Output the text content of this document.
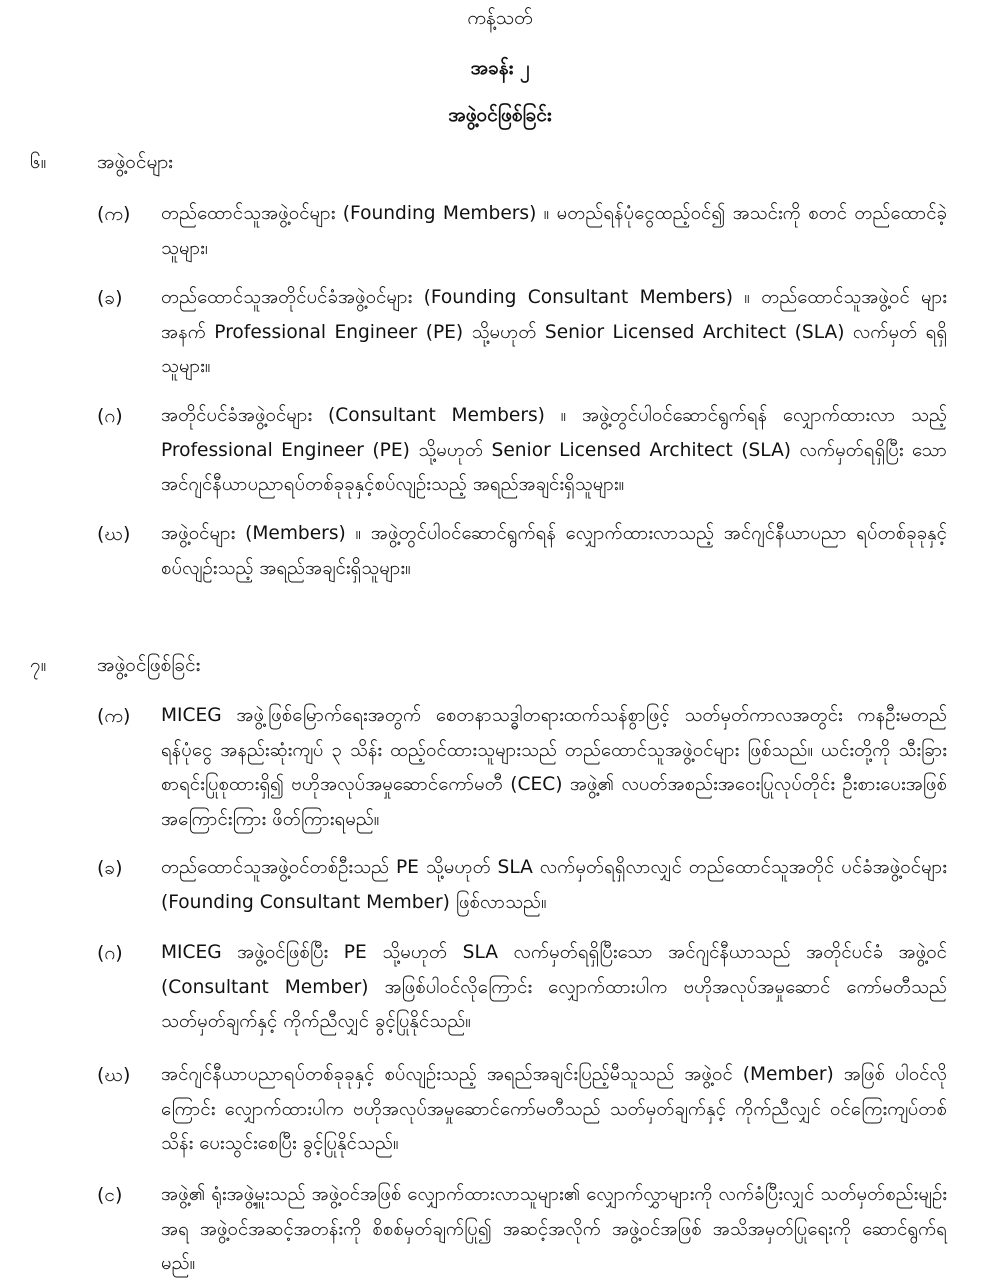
ကန့်သတ်
အခန်း ၂
အဖွဲ့ဝင်ဖြစ်ခြင်း
၆။	အဖွဲ့ဝင်များ
(က)	တည်ထောင်သူအဖွဲ့ဝင်များ (Founding Members) ။ မတည်ရန်ပုံငွေထည့်ဝင်၍ အသင်းကို စတင် တည်ထောင်ခဲ့သူများ၊
(ခ)	တည်ထောင်သူအတိုင်ပင်ခံအဖွဲ့ဝင်များ (Founding Consultant Members) ။ တည်ထောင်သူအဖွဲ့ဝင် များအနက် Professional Engineer (PE) သို့မဟုတ် Senior Licensed Architect (SLA) လက်မှတ် ရရှိသူများ။
(ဂ)	အတိုင်ပင်ခံအဖွဲ့ဝင်များ (Consultant Members) ။ အဖွဲ့တွင်ပါဝင်ဆောင်ရွက်ရန် လျှောက်ထားလာ သည့် Professional Engineer (PE) သို့မဟုတ် Senior Licensed Architect (SLA) လက်မှတ်ရရှိပြီး သော အင်ဂျင်နီယာပညာရပ်တစ်ခုခုနှင့်စပ်လျဉ်းသည့် အရည်အချင်းရှိသူများ။
(ဃ)	အဖွဲ့ဝင်များ (Members) ။ အဖွဲ့တွင်ပါဝင်ဆောင်ရွက်ရန် လျှောက်ထားလာသည့် အင်ဂျင်နီယာပညာ ရပ်တစ်ခုခုနှင့် စပ်လျဉ်းသည့် အရည်အချင်းရှိသူများ။
၇။	အဖွဲ့ဝင်ဖြစ်ခြင်း
(က)	MICEG အဖွဲ့ဖြစ်မြောက်ရေးအတွက် စေတနာသဒ္ဓါတရားထက်သန်စွာဖြင့် သတ်မှတ်ကာလအတွင်း ကနဦးမတည်ရန်ပုံငွေ အနည်းဆုံးကျပ် ၃ သိန်း ထည့်ဝင်ထားသူများသည် တည်ထောင်သူအဖွဲ့ဝင်များ ဖြစ်သည်။ ယင်းတို့ကို သီးခြားစာရင်းပြုစုထားရှိ၍ ဗဟိုအလုပ်အမှုဆောင်ကော်မတီ (CEC) အဖွဲ့၏ လပတ်အစည်းအဝေးပြုလုပ်တိုင်း ဦးစားပေးအဖြစ် အကြောင်းကြား ဖိတ်ကြားရမည်။
(ခ)	တည်ထောင်သူအဖွဲ့ဝင်တစ်ဦးသည် PE သို့မဟုတ် SLA လက်မှတ်ရရှိလာလျှင် တည်ထောင်သူအတိုင် ပင်ခံအဖွဲ့ဝင်များ (Founding Consultant Member) ဖြစ်လာသည်။
(ဂ)	MICEG အဖွဲ့ဝင်ဖြစ်ပြီး PE သို့မဟုတ် SLA လက်မှတ်ရရှိပြီးသော အင်ဂျင်နီယာသည် အတိုင်ပင်ခံ အဖွဲ့ဝင် (Consultant Member) အဖြစ်ပါဝင်လိုကြောင်း လျှောက်ထားပါက ဗဟိုအလုပ်အမှုဆောင် ကော်မတီသည် သတ်မှတ်ချက်နှင့် ကိုက်ညီလျှင် ခွင့်ပြုနိုင်သည်။
(ဃ)	အင်ဂျင်နီယာပညာရပ်တစ်ခုခုနှင့် စပ်လျဉ်းသည့် အရည်အချင်းပြည့်မီသူသည် အဖွဲ့ဝင် (Member) အဖြစ် ပါဝင်လိုကြောင်း လျှောက်ထားပါက ဗဟိုအလုပ်အမှုဆောင်ကော်မတီသည် သတ်မှတ်ချက်နှင့် ကိုက်ညီလျှင် ဝင်ကြေးကျပ်တစ်သိန်း ပေးသွင်းစေပြီး ခွင့်ပြုနိုင်သည်။
(င)	အဖွဲ့၏ ရုံးအဖွဲ့မှူးသည် အဖွဲ့ဝင်အဖြစ် လျှောက်ထားလာသူများ၏ လျှောက်လွှာများကို လက်ခံပြီးလျှင် သတ်မှတ်စည်းမျဉ်းအရ အဖွဲ့ဝင်အဆင့်အတန်းကို စိစစ်မှတ်ချက်ပြု၍ အဆင့်အလိုက် အဖွဲ့ဝင်အဖြစ် အသိအမှတ်ပြုရေးကို ဆောင်ရွက်ရမည်။
